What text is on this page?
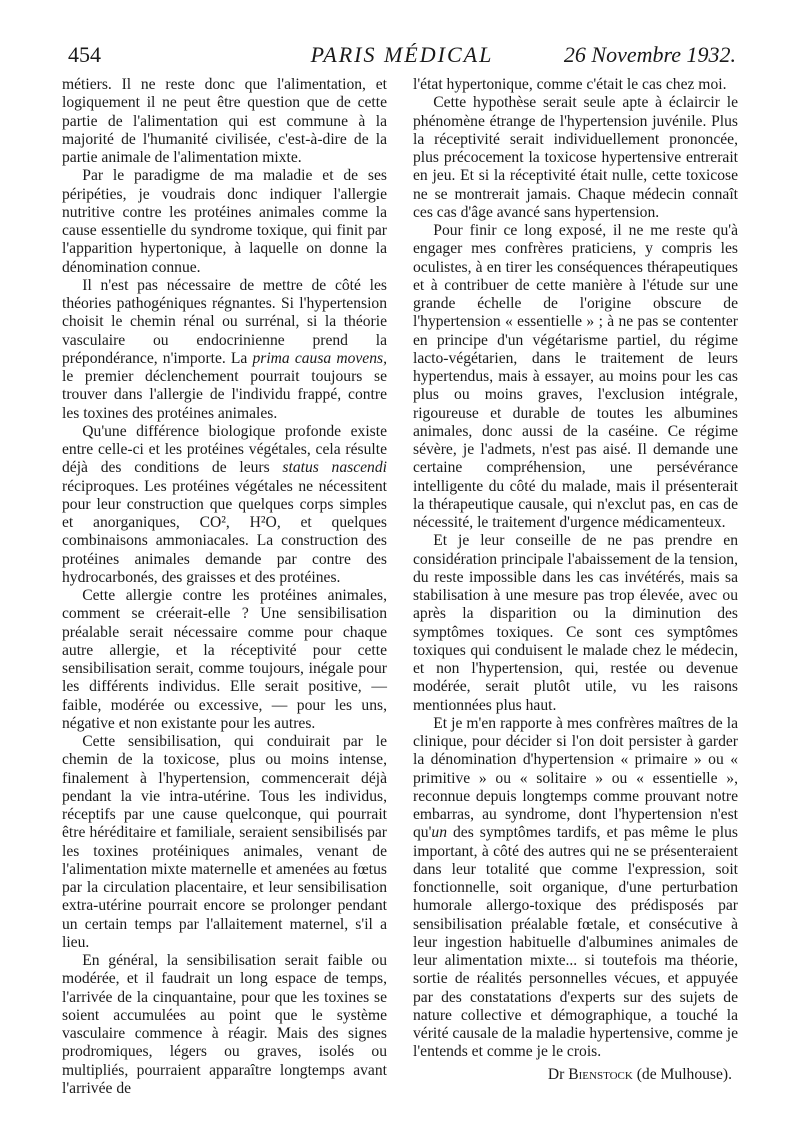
454	PARIS MÉDICAL	26 Novembre 1932.

métiers. Il ne reste donc que l'alimentation, et logiquement il ne peut être question que de cette partie de l'alimentation qui est commune à la majorité de l'humanité civilisée, c'est-à-dire de la partie animale de l'alimentation mixte.

Par le paradigme de ma maladie et de ses péripéties, je voudrais donc indiquer l'allergie nutritive contre les protéines animales comme la cause essentielle du syndrome toxique, qui finit par l'apparition hypertonique, à laquelle on donne la dénomination connue.

Il n'est pas nécessaire de mettre de côté les théories pathogéniques régnantes. Si l'hypertension choisit le chemin rénal ou surrénal, si la théorie vasculaire ou endocrinienne prend la prépondérance, n'importe. La prima causa movens, le premier déclenchement pourrait toujours se trouver dans l'allergie de l'individu frappé, contre les toxines des protéines animales.

Qu'une différence biologique profonde existe entre celle-ci et les protéines végétales, cela résulte déjà des conditions de leurs status nascendi réciproques. Les protéines végétales ne nécessitent pour leur construction que quelques corps simples et anorganiques, CO², H²O, et quelques combinaisons ammoniacales. La construction des protéines animales demande par contre des hydrocarbonés, des graisses et des protéines.

Cette allergie contre les protéines animales, comment se créerait-elle ? Une sensibilisation préalable serait nécessaire comme pour chaque autre allergie, et la réceptivité pour cette sensibilisation serait, comme toujours, inégale pour les différents individus. Elle serait positive, — faible, modérée ou excessive, — pour les uns, négative et non existante pour les autres.

Cette sensibilisation, qui conduirait par le chemin de la toxicose, plus ou moins intense, finalement à l'hypertension, commencerait déjà pendant la vie intra-utérine. Tous les individus, réceptifs par une cause quelconque, qui pourrait être héréditaire et familiale, seraient sensibilisés par les toxines protéiniques animales, venant de l'alimentation mixte maternelle et amenées au fœtus par la circulation placentaire, et leur sensibilisation extra-utérine pourrait encore se prolonger pendant un certain temps par l'allaitement maternel, s'il a lieu.

En général, la sensibilisation serait faible ou modérée, et il faudrait un long espace de temps, l'arrivée de la cinquantaine, pour que les toxines se soient accumulées au point que le système vasculaire commence à réagir. Mais des signes prodromiques, légers ou graves, isolés ou multipliés, pourraient apparaître longtemps avant l'arrivée de

l'état hypertonique, comme c'était le cas chez moi.

Cette hypothèse serait seule apte à éclaircir le phénomène étrange de l'hypertension juvénile. Plus la réceptivité serait individuellement prononcée, plus précocement la toxicose hypertensive entrerait en jeu. Et si la réceptivité était nulle, cette toxicose ne se montrerait jamais. Chaque médecin connaît ces cas d'âge avancé sans hypertension.

Pour finir ce long exposé, il ne me reste qu'à engager mes confrères praticiens, y compris les oculistes, à en tirer les conséquences thérapeutiques et à contribuer de cette manière à l'étude sur une grande échelle de l'origine obscure de l'hypertension « essentielle » ; à ne pas se contenter en principe d'un végétarisme partiel, du régime lacto-végétarien, dans le traitement de leurs hypertendus, mais à essayer, au moins pour les cas plus ou moins graves, l'exclusion intégrale, rigoureuse et durable de toutes les albumines animales, donc aussi de la caséine. Ce régime sévère, je l'admets, n'est pas aisé. Il demande une certaine compréhension, une persévérance intelligente du côté du malade, mais il présenterait la thérapeutique causale, qui n'exclut pas, en cas de nécessité, le traitement d'urgence médicamenteux.

Et je leur conseille de ne pas prendre en considération principale l'abaissement de la tension, du reste impossible dans les cas invétérés, mais sa stabilisation à une mesure pas trop élevée, avec ou après la disparition ou la diminution des symptômes toxiques. Ce sont ces symptômes toxiques qui conduisent le malade chez le médecin, et non l'hypertension, qui, restée ou devenue modérée, serait plutôt utile, vu les raisons mentionnées plus haut.

Et je m'en rapporte à mes confrères maîtres de la clinique, pour décider si l'on doit persister à garder la dénomination d'hypertension « primaire » ou « primitive » ou « solitaire » ou « essentielle », reconnue depuis longtemps comme prouvant notre embarras, au syndrome, dont l'hypertension n'est qu'un des symptômes tardifs, et pas même le plus important, à côté des autres qui ne se présenteraient dans leur totalité que comme l'expression, soit fonctionnelle, soit organique, d'une perturbation humorale allergo-toxique des prédisposés par sensibilisation préalable fœtale, et consécutive à leur ingestion habituelle d'albumines animales de leur alimentation mixte... si toutefois ma théorie, sortie de réalités personnelles vécues, et appuyée par des constatations d'experts sur des sujets de nature collective et démographique, a touché la vérité causale de la maladie hypertensive, comme je l'entends et comme je le crois.

Dr Bienstock (de Mulhouse).
